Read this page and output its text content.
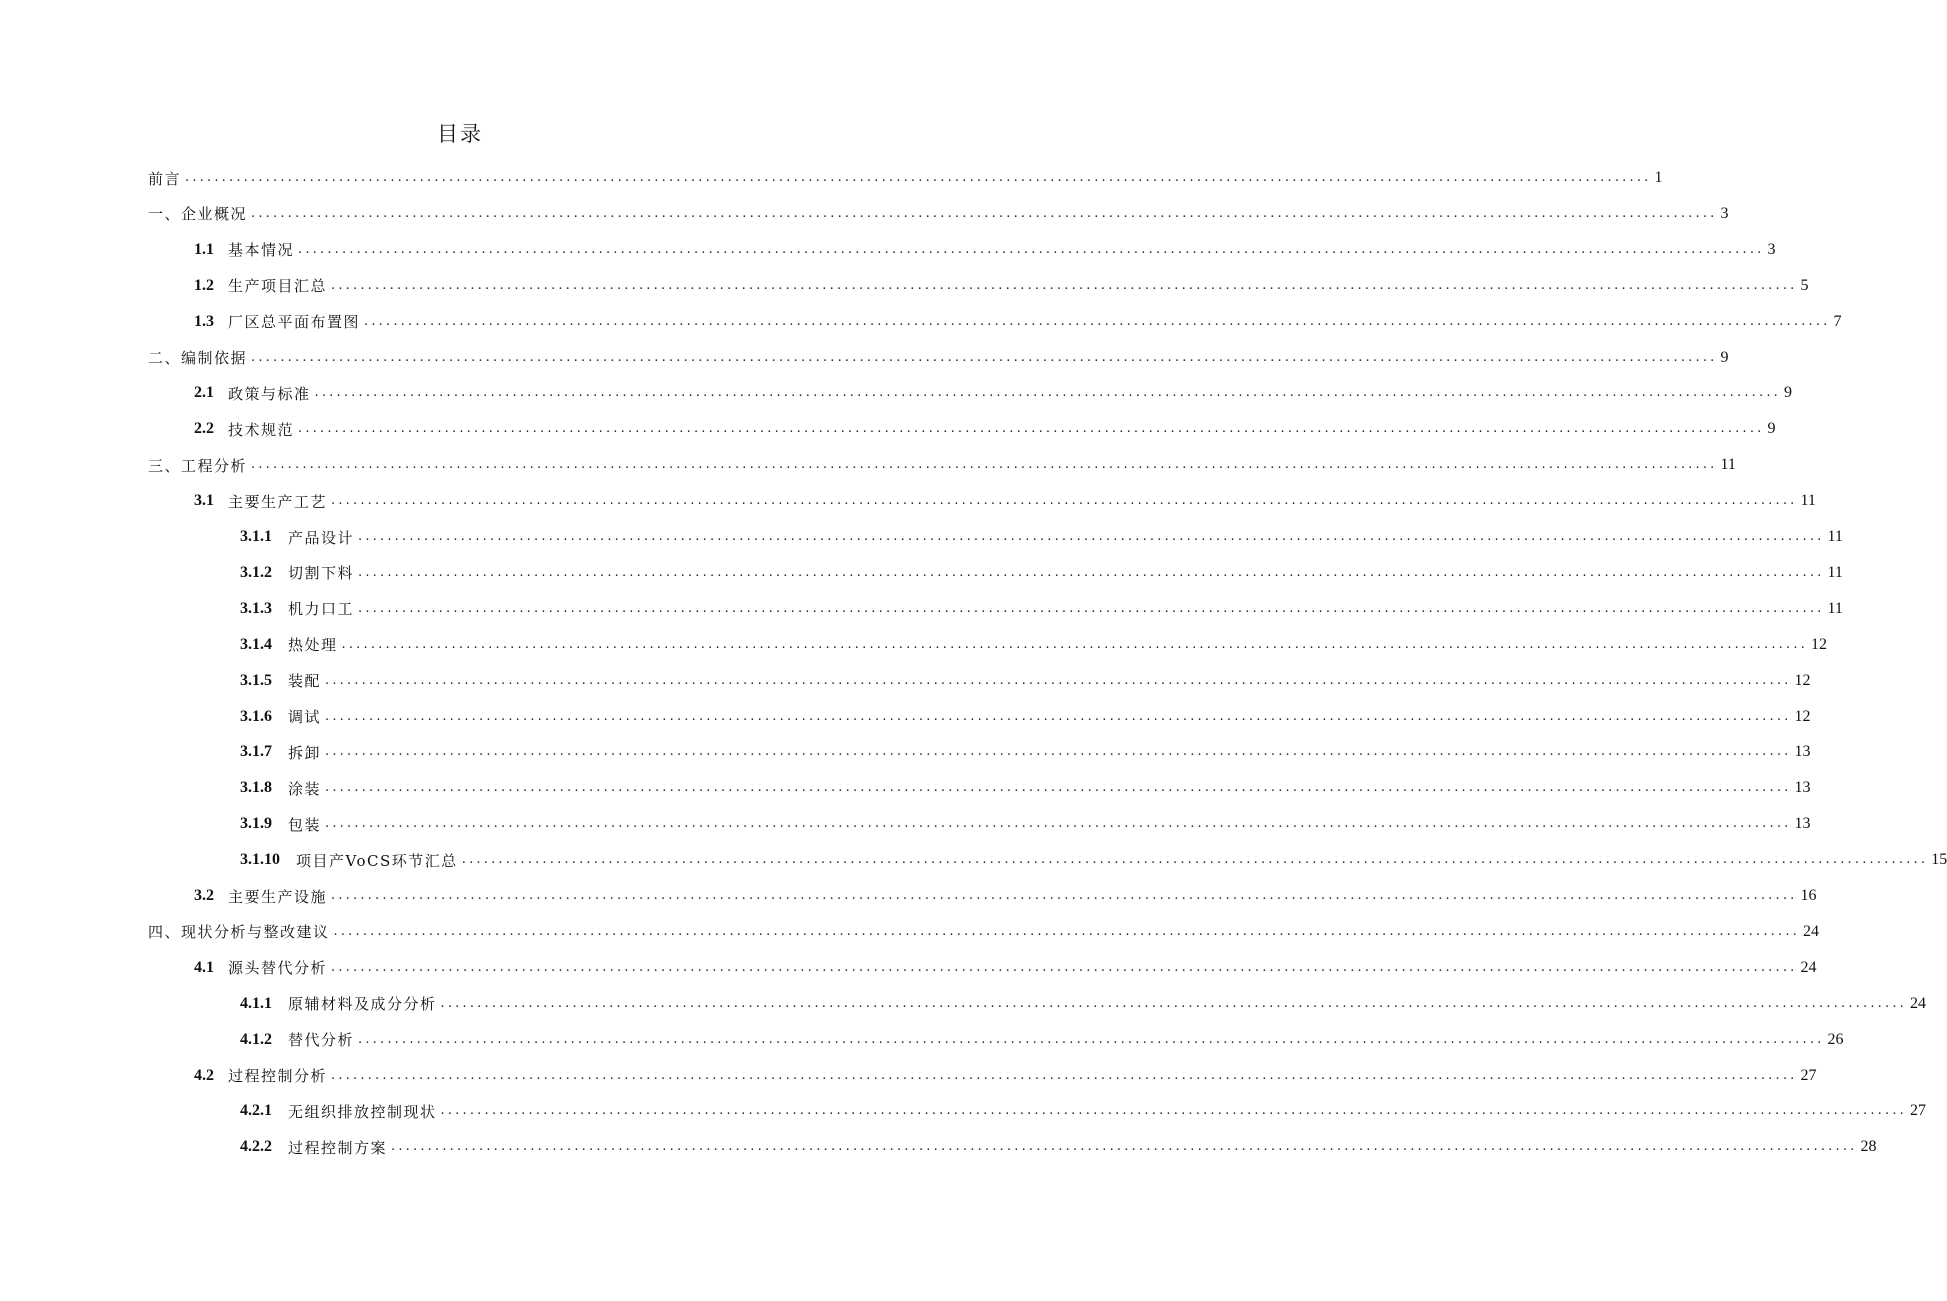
目录
前言 ........................................................................................................................................................................................................ 1
一、企业概况 ........................................................................................................................................................................................................ 3
1.1 基本情况 ........................................................................................................................................................................................................ 3
1.2 生产项目汇总 ........................................................................................................................................................................................................ 5
1.3 厂区总平面布置图 ........................................................................................................................................................................................................ 7
二、编制依据 ........................................................................................................................................................................................................ 9
2.1 政策与标准 ........................................................................................................................................................................................................ 9
2.2 技术规范 ........................................................................................................................................................................................................ 9
三、工程分析 ........................................................................................................................................................................................................ 11
3.1 主要生产工艺 ........................................................................................................................................................................................................ 11
3.1.1 产品设计 ........................................................................................................................................................................................................ 11
3.1.2 切割下料 ........................................................................................................................................................................................................ 11
3.1.3 机力口工 ........................................................................................................................................................................................................ 11
3.1.4 热处理 ........................................................................................................................................................................................................ 12
3.1.5 装配 ........................................................................................................................................................................................................ 12
3.1.6 调试 ........................................................................................................................................................................................................ 12
3.1.7 拆卸 ........................................................................................................................................................................................................ 13
3.1.8 涂装 ........................................................................................................................................................................................................ 13
3.1.9 包装 ........................................................................................................................................................................................................ 13
3.1.10 项目产VoCS环节汇总 ........................................................................................................................................................................................................ 15
3.2 主要生产设施 ........................................................................................................................................................................................................ 16
四、现状分析与整改建议 ........................................................................................................................................................................................................ 24
4.1 源头替代分析 ........................................................................................................................................................................................................ 24
4.1.1 原辅材料及成分分析 ........................................................................................................................................................................................................ 24
4.1.2 替代分析 ........................................................................................................................................................................................................ 26
4.2 过程控制分析 ........................................................................................................................................................................................................ 27
4.2.1 无组织排放控制现状 ........................................................................................................................................................................................................ 27
4.2.2 过程控制方案 ........................................................................................................................................................................................................ 28
